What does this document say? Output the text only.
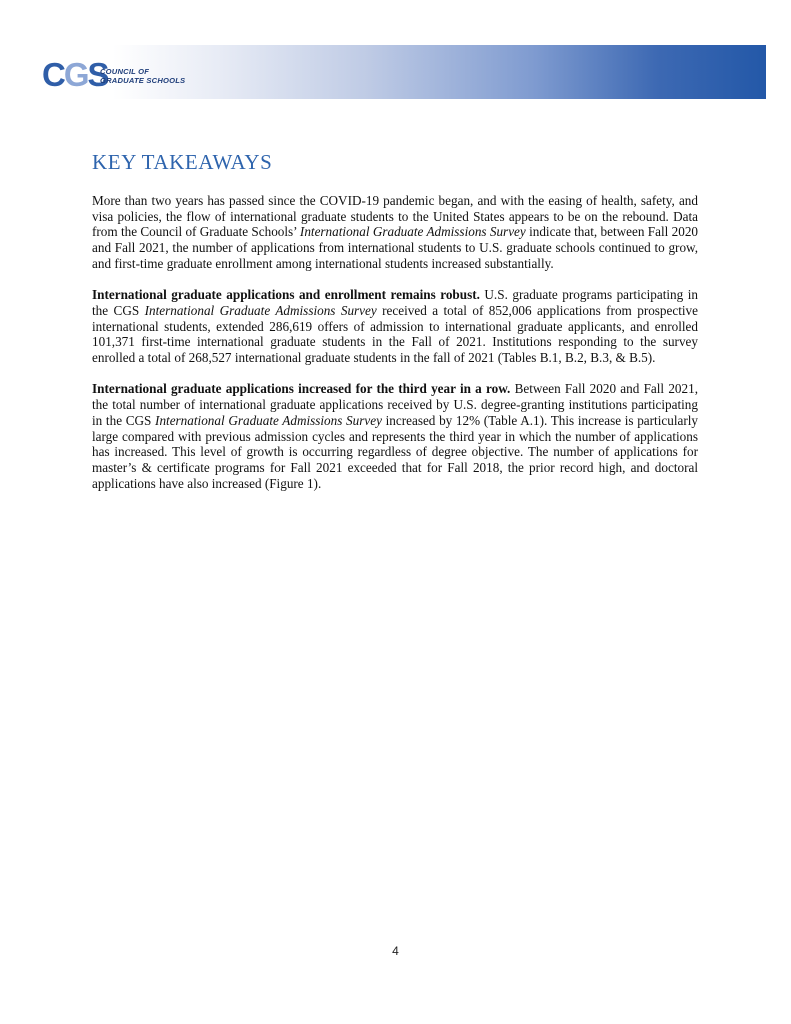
CGS
COUNCIL OF
GRADUATE SCHOOLS
KEY TAKEAWAYS

More than two years has passed since the COVID-19 pandemic began, and with the easing of health, safety, and visa policies, the flow of international graduate students to the United States appears to be on the rebound. Data from the Council of Graduate Schools’ International Graduate Admissions Survey indicate that, between Fall 2020 and Fall 2021, the number of applications from international students to U.S. graduate schools continued to grow, and first-time graduate enrollment among international students increased substantially.

International graduate applications and enrollment remains robust. U.S. graduate programs participating in the CGS International Graduate Admissions Survey received a total of 852,006 applications from prospective international students, extended 286,619 offers of admission to international graduate applicants, and enrolled 101,371 first-time international graduate students in the Fall of 2021. Institutions responding to the survey enrolled a total of 268,527 international graduate students in the fall of 2021 (Tables B.1, B.2, B.3, & B.5).

International graduate applications increased for the third year in a row. Between Fall 2020 and Fall 2021, the total number of international graduate applications received by U.S. degree-granting institutions participating in the CGS International Graduate Admissions Survey increased by 12% (Table A.1). This increase is particularly large compared with previous admission cycles and represents the third year in which the number of applications has increased. This level of growth is occurring regardless of degree objective. The number of applications for master’s & certificate programs for Fall 2021 exceeded that for Fall 2018, the prior record high, and doctoral applications have also increased (Figure 1).

4
